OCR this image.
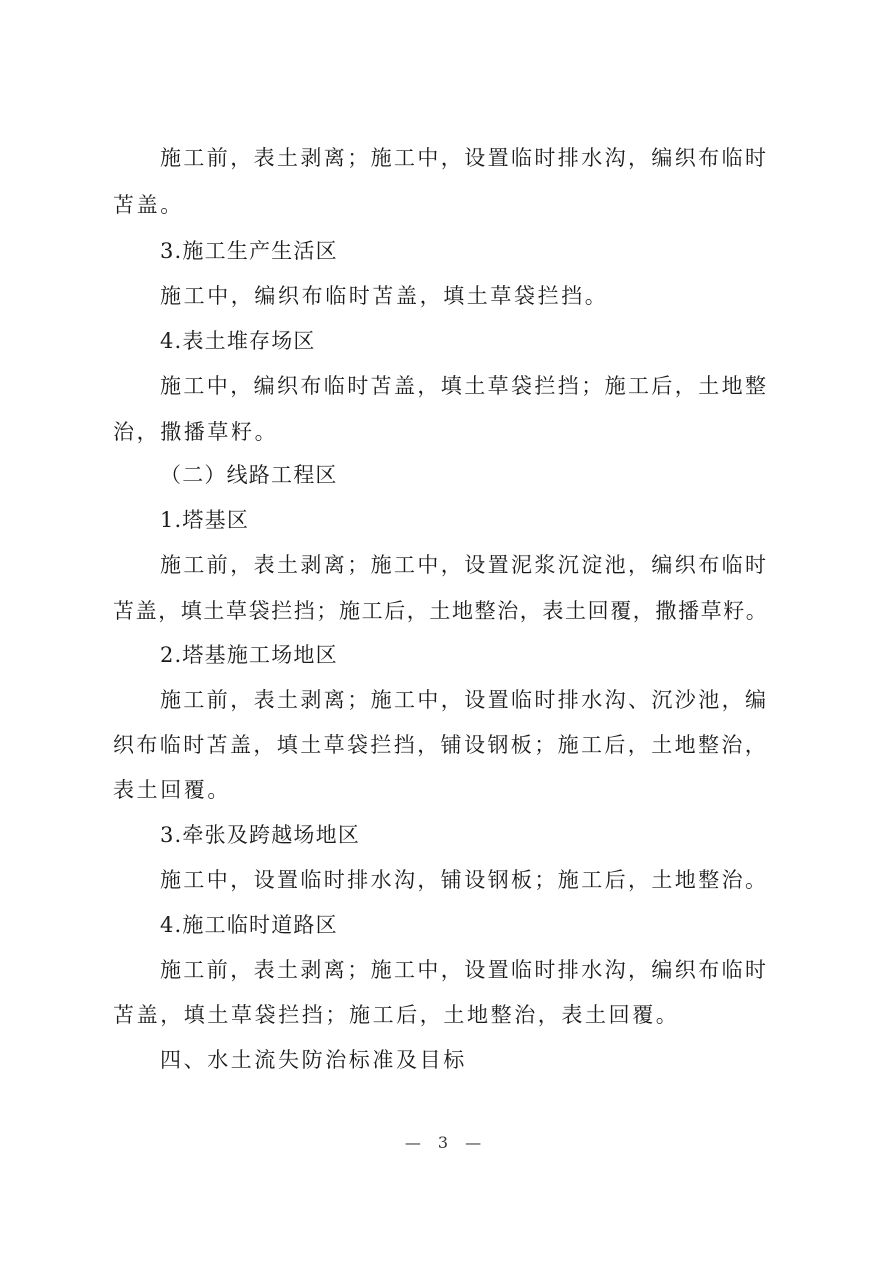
施工前，表土剥离；施工中，设置临时排水沟，编织布临时
苫盖。
3.施工生产生活区
施工中，编织布临时苫盖，填土草袋拦挡。
4.表土堆存场区
施工中，编织布临时苫盖，填土草袋拦挡；施工后，土地整
治，撒播草籽。
（二）线路工程区
1.塔基区
施工前，表土剥离；施工中，设置泥浆沉淀池，编织布临时
苫盖，填土草袋拦挡；施工后，土地整治，表土回覆，撒播草籽。
2.塔基施工场地区
施工前，表土剥离；施工中，设置临时排水沟、沉沙池，编
织布临时苫盖，填土草袋拦挡，铺设钢板；施工后，土地整治，
表土回覆。
3.牵张及跨越场地区
施工中，设置临时排水沟，铺设钢板；施工后，土地整治。
4.施工临时道路区
施工前，表土剥离；施工中，设置临时排水沟，编织布临时
苫盖，填土草袋拦挡；施工后，土地整治，表土回覆。
四、水土流失防治标准及目标
— 3 —
